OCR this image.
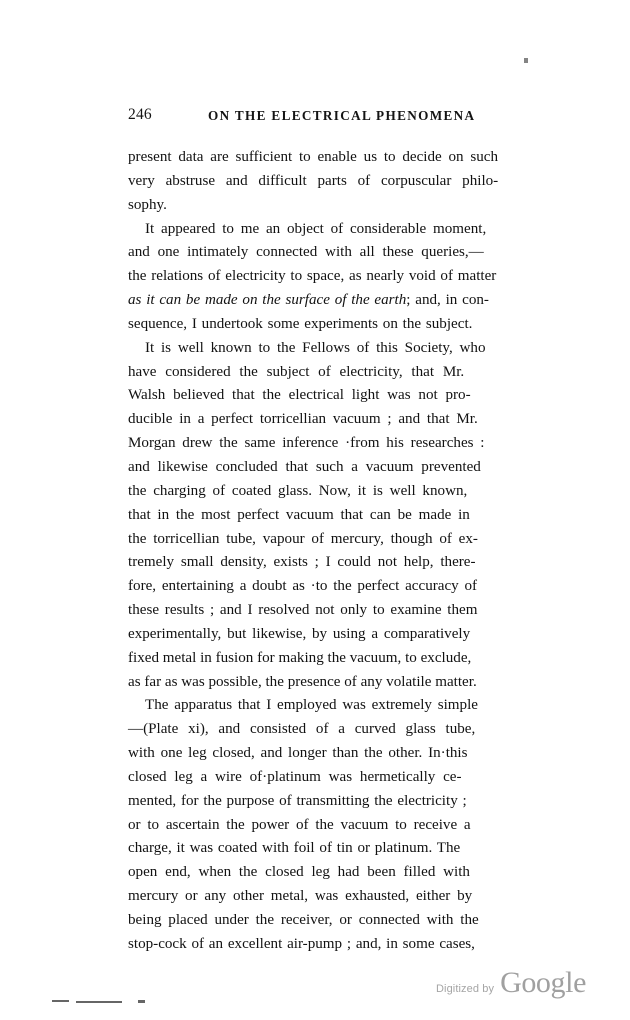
246	ON THE ELECTRICAL PHENOMENA
present data are sufficient to enable us to decide on such
very abstruse and difficult parts of corpuscular philo-
sophy.
It appeared to me an object of considerable moment,
and one intimately connected with all these queries,—
the relations of electricity to space, as nearly void of matter
as it can be made on the surface of the earth; and, in con-
sequence, I undertook some experiments on the subject.
It is well known to the Fellows of this Society, who
have considered the subject of electricity, that Mr.
Walsh believed that the electrical light was not pro-
ducible in a perfect torricellian vacuum ; and that Mr.
Morgan drew the same inference ·from his researches :
and likewise concluded that such a vacuum prevented
the charging of coated glass. Now, it is well known,
that in the most perfect vacuum that can be made in
the torricellian tube, vapour of mercury, though of ex-
tremely small density, exists ; I could not help, there-
fore, entertaining a doubt as ·to the perfect accuracy of
these results ; and I resolved not only to examine them
experimentally, but likewise, by using a comparatively
fixed metal in fusion for making the vacuum, to exclude,
as far as was possible, the presence of any volatile matter.
The apparatus that I employed was extremely simple
—(Plate xi), and consisted of a curved glass tube,
with one leg closed, and longer than the other. In·this
closed leg a wire of·platinum was hermetically ce-
mented, for the purpose of transmitting the electricity ;
or to ascertain the power of the vacuum to receive a
charge, it was coated with foil of tin or platinum. The
open end, when the closed leg had been filled with
mercury or any other metal, was exhausted, either by
being placed under the receiver, or connected with the
stop-cock of an excellent air-pump ; and, in some cases,
Digitized by Google
